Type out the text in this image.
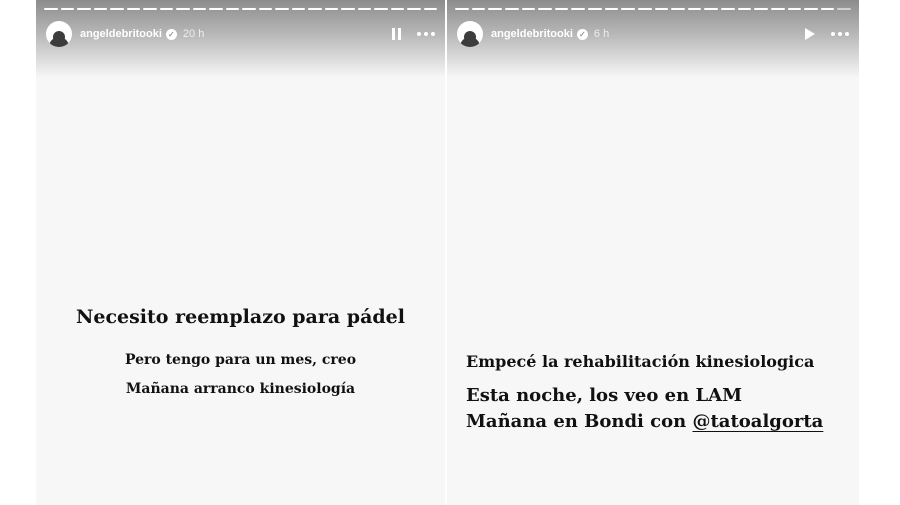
angeldebritooki ✓ 20 h
Necesito reemplazo para pádel
Pero tengo para un mes, creo
Mañana arranco kinesiología
angeldebritooki ✓ 6 h
Empecé la rehabilitación kinesiologica
Esta noche, los veo en LAM
Mañana en Bondi con @tatoalgorta
